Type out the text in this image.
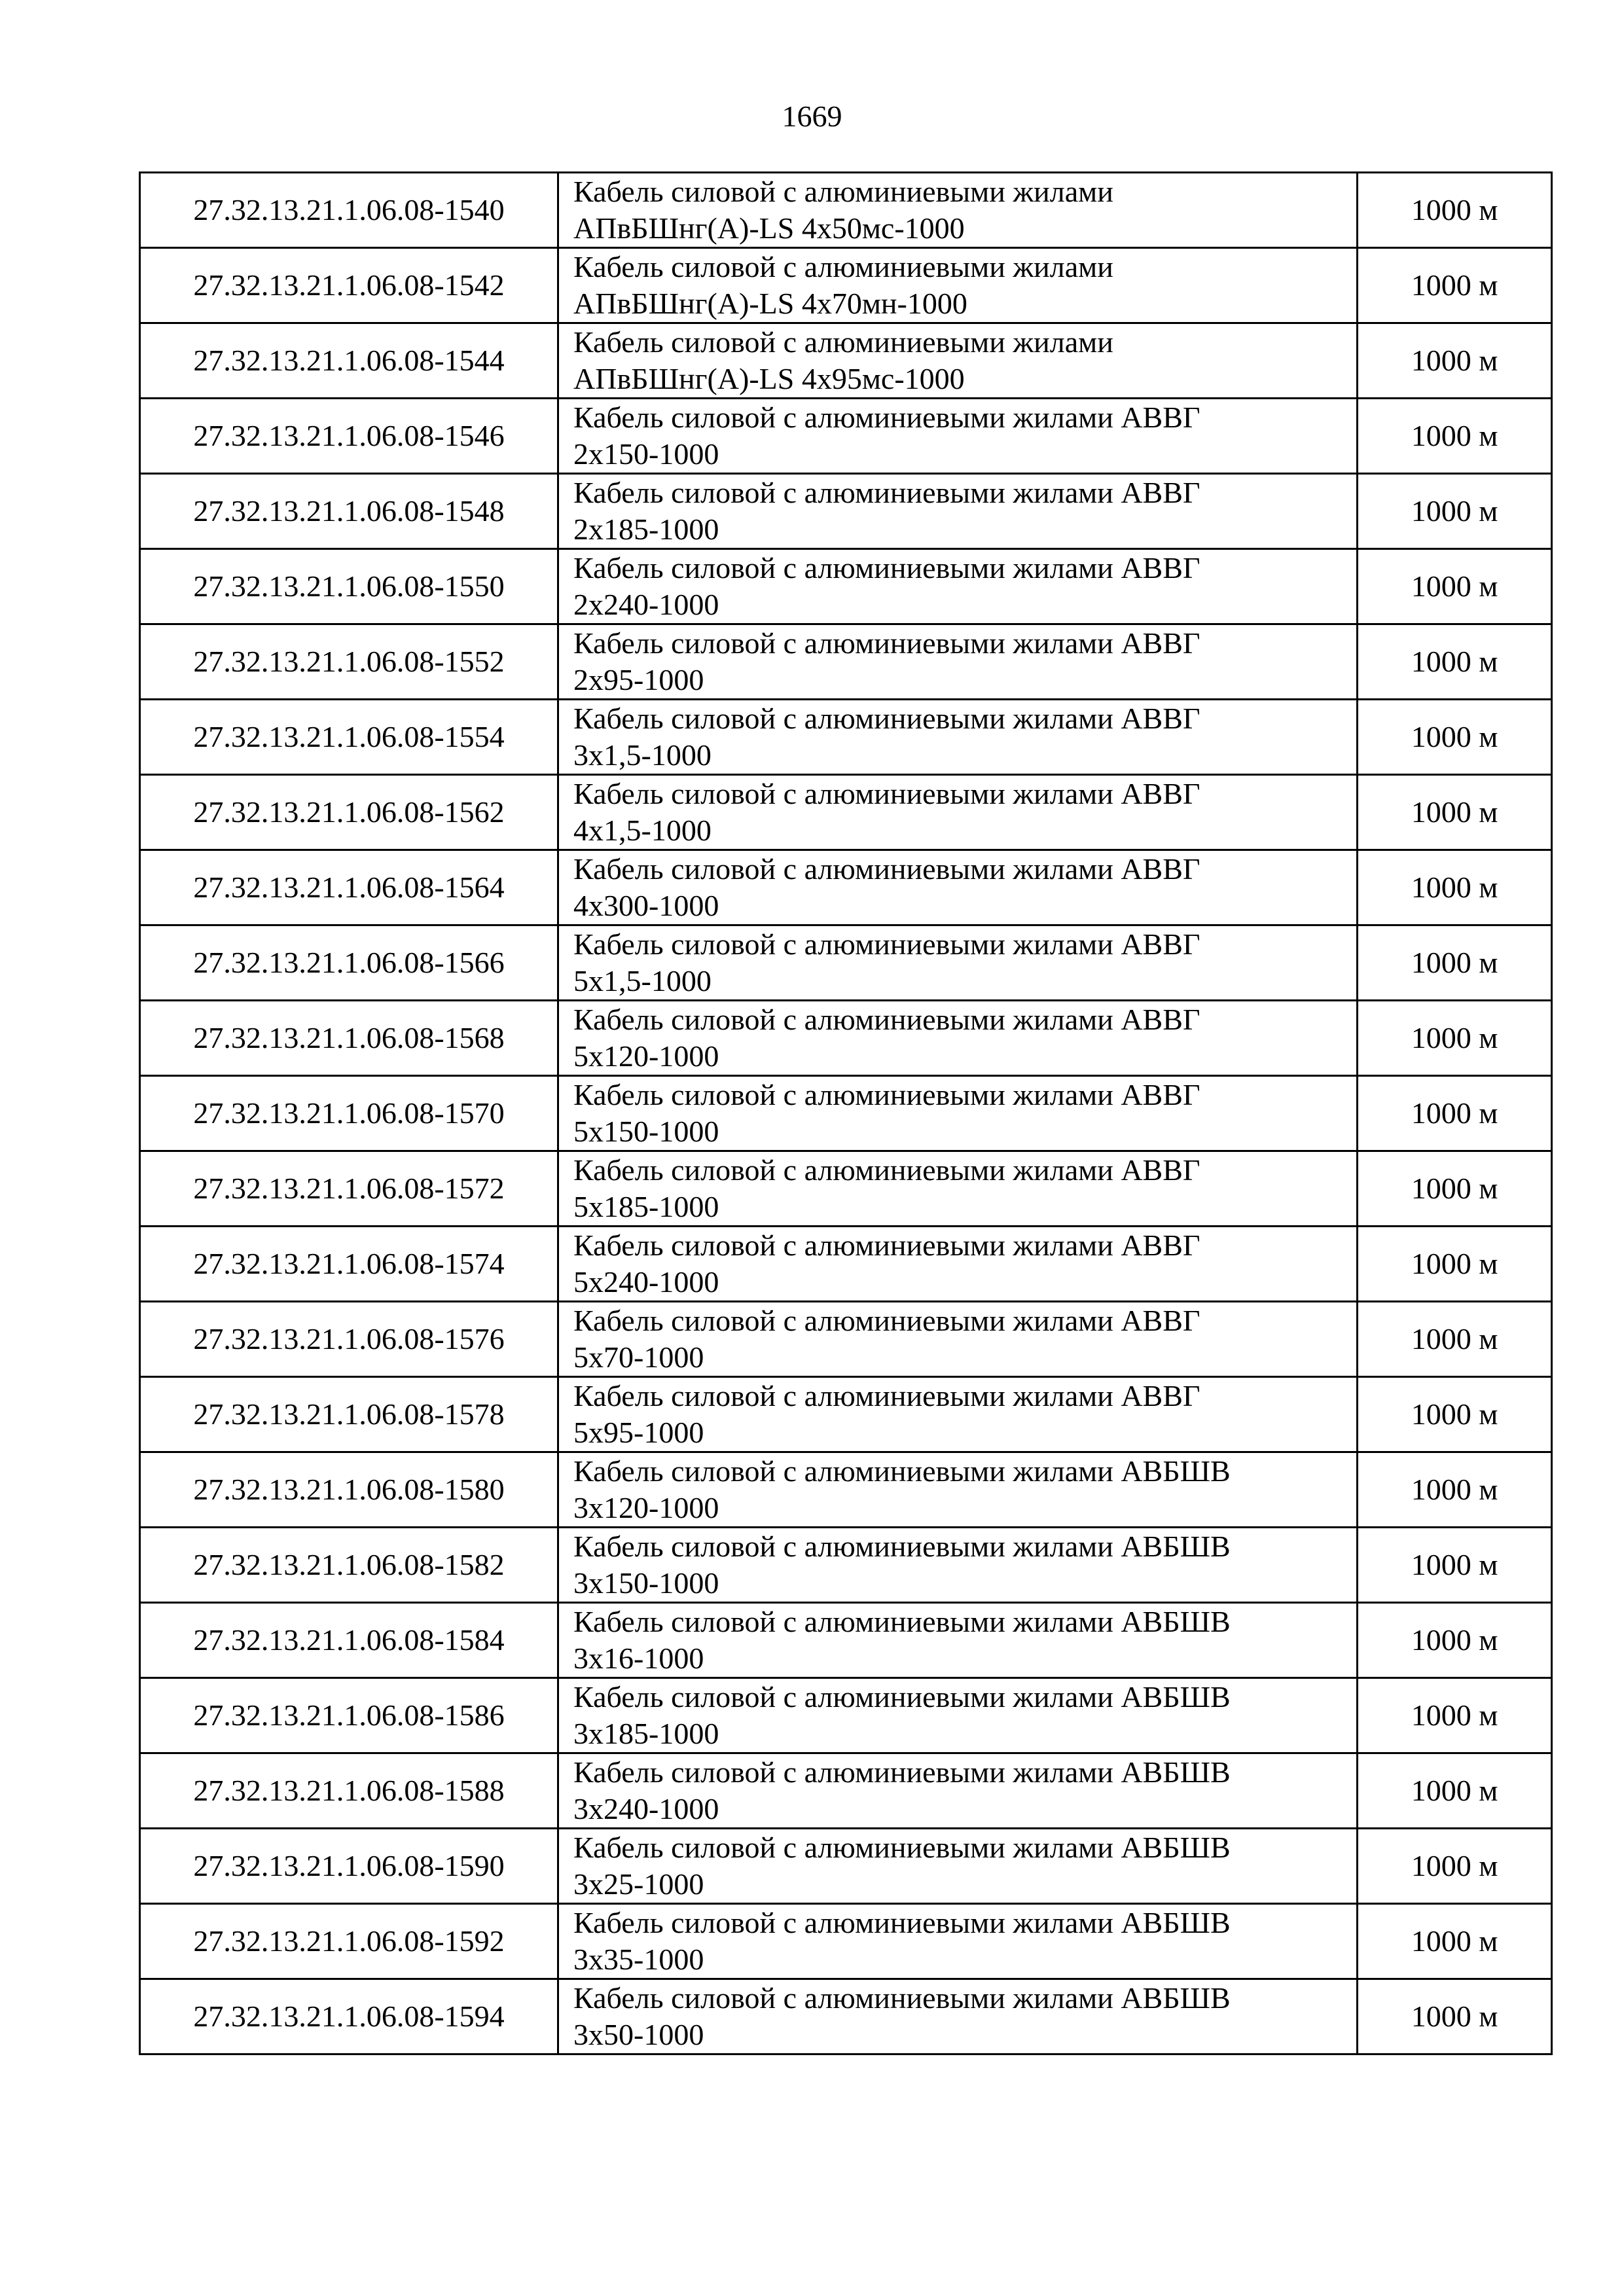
1669
27.32.13.21.1.06.08-1540	Кабель силовой с алюминиевыми жилами
АПвБШнг(А)-LS 4х50мс-1000	1000 м
27.32.13.21.1.06.08-1542	Кабель силовой с алюминиевыми жилами
АПвБШнг(А)-LS 4х70мн-1000	1000 м
27.32.13.21.1.06.08-1544	Кабель силовой с алюминиевыми жилами
АПвБШнг(А)-LS 4х95мс-1000	1000 м
27.32.13.21.1.06.08-1546	Кабель силовой с алюминиевыми жилами АВВГ
2х150-1000	1000 м
27.32.13.21.1.06.08-1548	Кабель силовой с алюминиевыми жилами АВВГ
2х185-1000	1000 м
27.32.13.21.1.06.08-1550	Кабель силовой с алюминиевыми жилами АВВГ
2х240-1000	1000 м
27.32.13.21.1.06.08-1552	Кабель силовой с алюминиевыми жилами АВВГ
2х95-1000	1000 м
27.32.13.21.1.06.08-1554	Кабель силовой с алюминиевыми жилами АВВГ
3х1,5-1000	1000 м
27.32.13.21.1.06.08-1562	Кабель силовой с алюминиевыми жилами АВВГ
4х1,5-1000	1000 м
27.32.13.21.1.06.08-1564	Кабель силовой с алюминиевыми жилами АВВГ
4х300-1000	1000 м
27.32.13.21.1.06.08-1566	Кабель силовой с алюминиевыми жилами АВВГ
5х1,5-1000	1000 м
27.32.13.21.1.06.08-1568	Кабель силовой с алюминиевыми жилами АВВГ
5х120-1000	1000 м
27.32.13.21.1.06.08-1570	Кабель силовой с алюминиевыми жилами АВВГ
5х150-1000	1000 м
27.32.13.21.1.06.08-1572	Кабель силовой с алюминиевыми жилами АВВГ
5х185-1000	1000 м
27.32.13.21.1.06.08-1574	Кабель силовой с алюминиевыми жилами АВВГ
5х240-1000	1000 м
27.32.13.21.1.06.08-1576	Кабель силовой с алюминиевыми жилами АВВГ
5х70-1000	1000 м
27.32.13.21.1.06.08-1578	Кабель силовой с алюминиевыми жилами АВВГ
5х95-1000	1000 м
27.32.13.21.1.06.08-1580	Кабель силовой с алюминиевыми жилами АВБШВ
3х120-1000	1000 м
27.32.13.21.1.06.08-1582	Кабель силовой с алюминиевыми жилами АВБШВ
3х150-1000	1000 м
27.32.13.21.1.06.08-1584	Кабель силовой с алюминиевыми жилами АВБШВ
3х16-1000	1000 м
27.32.13.21.1.06.08-1586	Кабель силовой с алюминиевыми жилами АВБШВ
3х185-1000	1000 м
27.32.13.21.1.06.08-1588	Кабель силовой с алюминиевыми жилами АВБШВ
3х240-1000	1000 м
27.32.13.21.1.06.08-1590	Кабель силовой с алюминиевыми жилами АВБШВ
3х25-1000	1000 м
27.32.13.21.1.06.08-1592	Кабель силовой с алюминиевыми жилами АВБШВ
3х35-1000	1000 м
27.32.13.21.1.06.08-1594	Кабель силовой с алюминиевыми жилами АВБШВ
3х50-1000	1000 м
